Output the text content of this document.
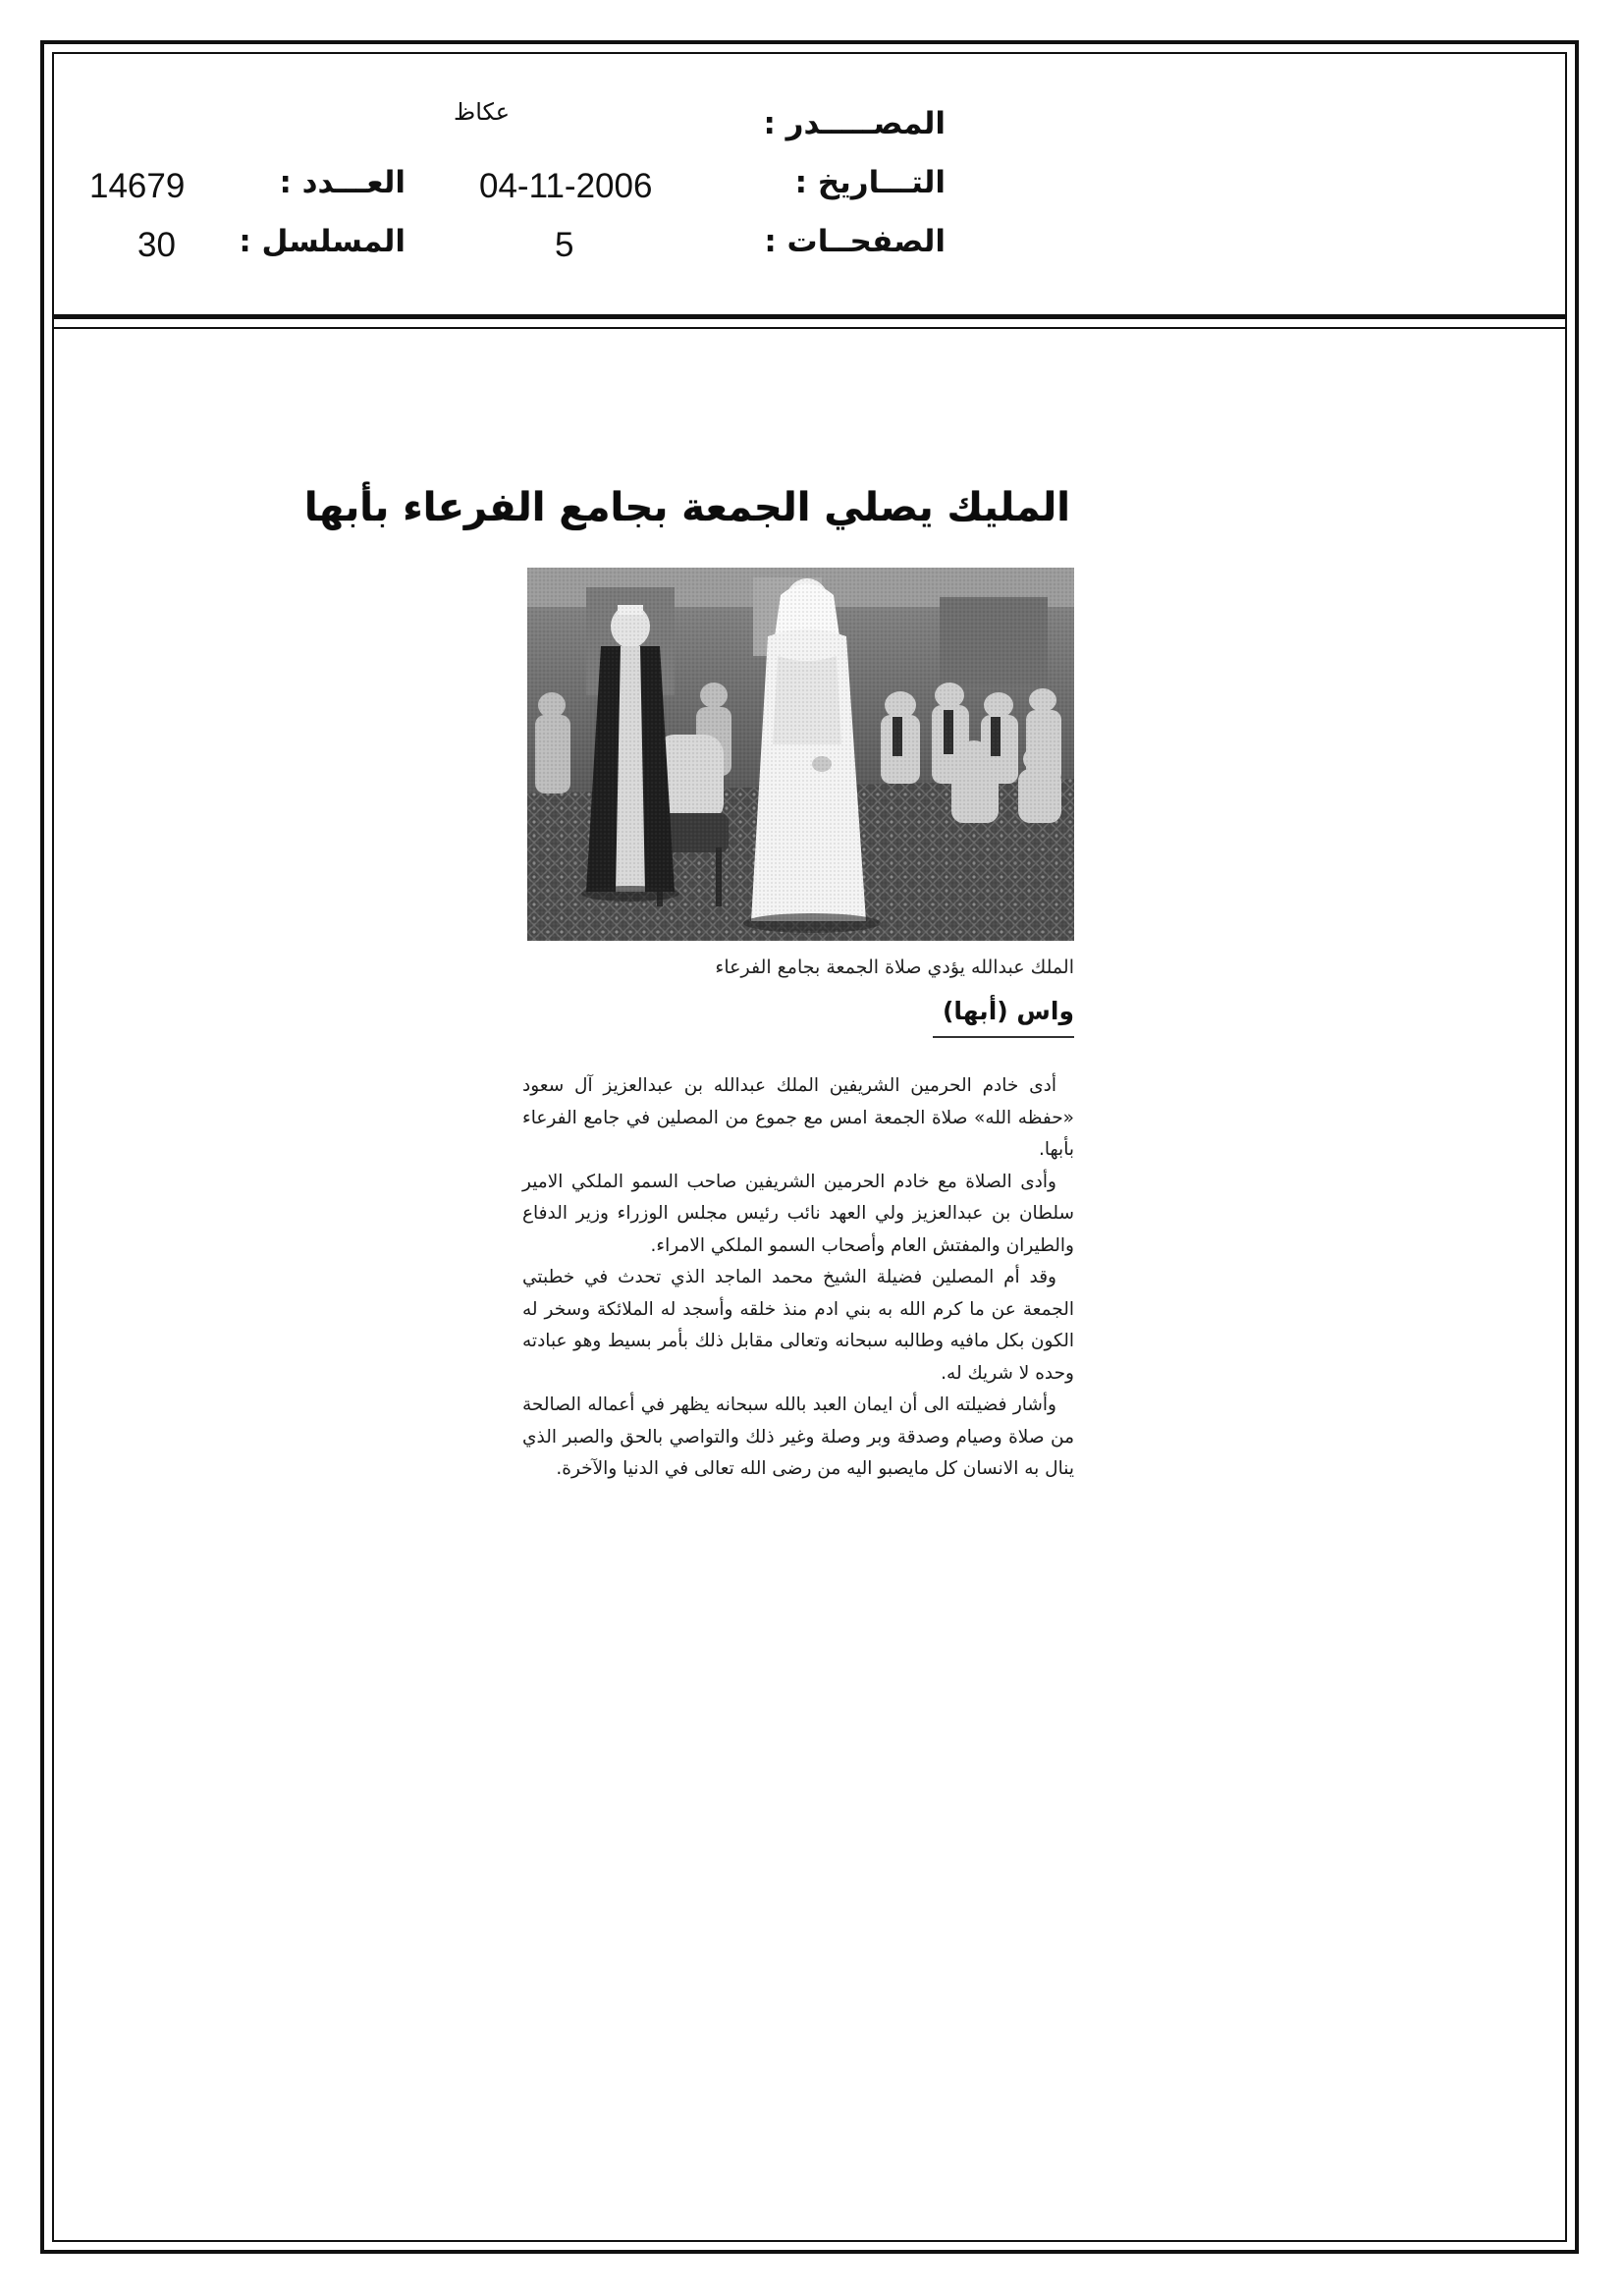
المصـــــدر :
عكاظ
التـــاريخ :
04-11-2006
العـــدد :
14679
الصفحــات :
5
المسلسل :
30
المليك يصلي الجمعة بجامع الفرعاء بأبها
الملك عبدالله يؤدي صلاة الجمعة بجامع الفرعاء
واس (أبها)

أدى خادم الحرمين الشريفين الملك عبدالله بن عبدالعزيز آل سعود «حفظه الله» صلاة الجمعة امس مع جموع من المصلين في جامع الفرعاء بأبها.

وأدى الصلاة مع خادم الحرمين الشريفين صاحب السمو الملكي الامير سلطان بن عبدالعزيز ولي العهد نائب رئيس مجلس الوزراء وزير الدفاع والطيران والمفتش العام وأصحاب السمو الملكي الامراء.

وقد أم المصلين فضيلة الشيخ محمد الماجد الذي تحدث في خطبتي الجمعة عن ما كرم الله به بني ادم منذ خلقه وأسجد له الملائكة وسخر له الكون بكل مافيه وطالبه سبحانه وتعالى مقابل ذلك بأمر بسيط وهو عبادته وحده لا شريك له.

وأشار فضيلته الى أن ايمان العبد بالله سبحانه يظهر في أعماله الصالحة من صلاة وصيام وصدقة وبر وصلة وغير ذلك والتواصي بالحق والصبر الذي ينال به الانسان كل مايصبو اليه من رضى الله تعالى في الدنيا والآخرة.
